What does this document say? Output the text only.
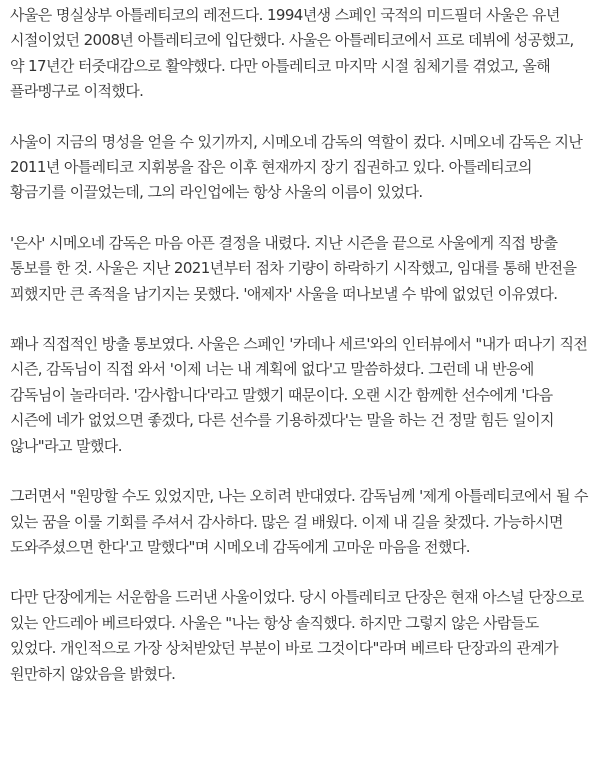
사울은 명실상부 아틀레티코의 레전드다. 1994년생 스페인 국적의 미드필더 사울은 유년 시절이었던 2008년 아틀레티코에 입단했다. 사울은 아틀레티코에서 프로 데뷔에 성공했고, 약 17년간 터줏대감으로 활약했다. 다만 아틀레티코 마지막 시절 침체기를 겪었고, 올해 플라멩구로 이적했다.

사울이 지금의 명성을 얻을 수 있기까지, 시메오네 감독의 역할이 컸다. 시메오네 감독은 지난 2011년 아틀레티코 지휘봉을 잡은 이후 현재까지 장기 집권하고 있다. 아틀레티코의 황금기를 이끌었는데, 그의 라인업에는 항상 사울의 이름이 있었다.

'은사' 시메오네 감독은 마음 아픈 결정을 내렸다. 지난 시즌을 끝으로 사울에게 직접 방출 통보를 한 것. 사울은 지난 2021년부터 점차 기량이 하락하기 시작했고, 임대를 통해 반전을 꾀했지만 큰 족적을 남기지는 못했다. '애제자' 사울을 떠나보낼 수 밖에 없었던 이유였다.

꽤나 직접적인 방출 통보였다. 사울은 스페인 '카데나 세르'와의 인터뷰에서 "내가 떠나기 직전 시즌, 감독님이 직접 와서 '이제 너는 내 계획에 없다'고 말씀하셨다. 그런데 내 반응에 감독님이 놀라더라. '감사합니다'라고 말했기 때문이다. 오랜 시간 함께한 선수에게 '다음 시즌에 네가 없었으면 좋겠다, 다른 선수를 기용하겠다'는 말을 하는 건 정말 힘든 일이지 않나"라고 말했다.

그러면서 "원망할 수도 있었지만, 나는 오히려 반대였다. 감독님께 '제게 아틀레티코에서 될 수 있는 꿈을 이룰 기회를 주셔서 감사하다. 많은 걸 배웠다. 이제 내 길을 찾겠다. 가능하시면 도와주셨으면 한다'고 말했다"며 시메오네 감독에게 고마운 마음을 전했다.

다만 단장에게는 서운함을 드러낸 사울이었다. 당시 아틀레티코 단장은 현재 아스널 단장으로 있는 안드레아 베르타였다. 사울은 "나는 항상 솔직했다. 하지만 그렇지 않은 사람들도 있었다. 개인적으로 가장 상처받았던 부분이 바로 그것이다"라며 베르타 단장과의 관계가 원만하지 않았음을 밝혔다.
